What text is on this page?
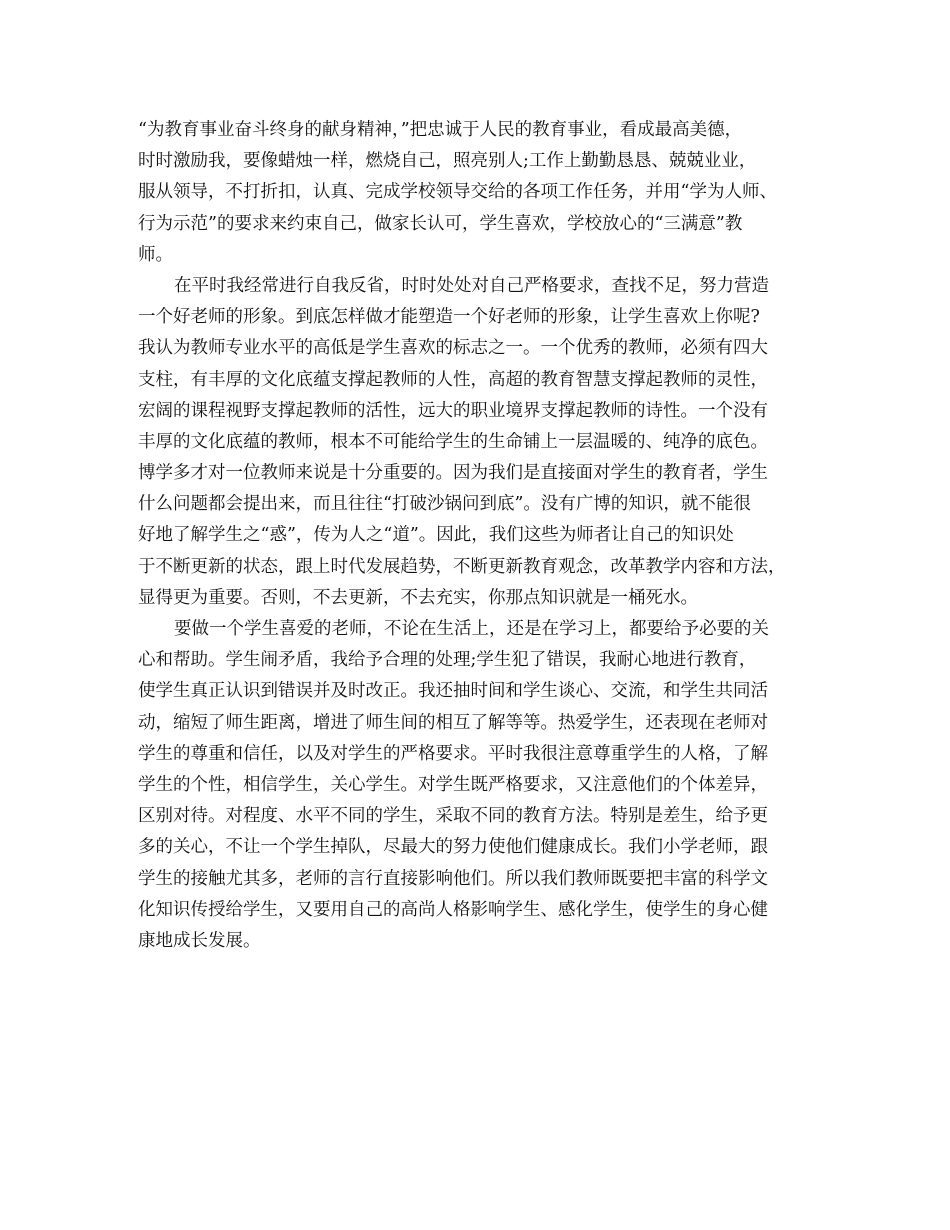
“为教育事业奋斗终身的献身精神，”把忠诚于人民的教育事业，看成最高美德，
时时激励我，要像蜡烛一样，燃烧自己，照亮别人;工作上勤勤恳恳、兢兢业业，
服从领导，不打折扣，认真、完成学校领导交给的各项工作任务，并用“学为人师、
行为示范”的要求来约束自己，做家长认可，学生喜欢，学校放心的“三满意”教
师。
在平时我经常进行自我反省，时时处处对自己严格要求，查找不足，努力营造
一个好老师的形象。到底怎样做才能塑造一个好老师的形象，让学生喜欢上你呢?
我认为教师专业水平的高低是学生喜欢的标志之一。一个优秀的教师，必须有四大
支柱，有丰厚的文化底蕴支撑起教师的人性，高超的教育智慧支撑起教师的灵性，
宏阔的课程视野支撑起教师的活性，远大的职业境界支撑起教师的诗性。一个没有
丰厚的文化底蕴的教师，根本不可能给学生的生命铺上一层温暖的、纯净的底色。
博学多才对一位教师来说是十分重要的。因为我们是直接面对学生的教育者，学生
什么问题都会提出来，而且往往“打破沙锅问到底”。没有广博的知识，就不能很
好地了解学生之“惑”，传为人之“道”。因此，我们这些为师者让自己的知识处
于不断更新的状态，跟上时代发展趋势，不断更新教育观念，改革教学内容和方法，
显得更为重要。否则，不去更新，不去充实，你那点知识就是一桶死水。
要做一个学生喜爱的老师，不论在生活上，还是在学习上，都要给予必要的关
心和帮助。学生闹矛盾，我给予合理的处理;学生犯了错误，我耐心地进行教育，
使学生真正认识到错误并及时改正。我还抽时间和学生谈心、交流，和学生共同活
动，缩短了师生距离，增进了师生间的相互了解等等。热爱学生，还表现在老师对
学生的尊重和信任，以及对学生的严格要求。平时我很注意尊重学生的人格，了解
学生的个性，相信学生，关心学生。对学生既严格要求，又注意他们的个体差异，
区别对待。对程度、水平不同的学生，采取不同的教育方法。特别是差生，给予更
多的关心，不让一个学生掉队，尽最大的努力使他们健康成长。我们小学老师，跟
学生的接触尤其多，老师的言行直接影响他们。所以我们教师既要把丰富的科学文
化知识传授给学生，又要用自己的高尚人格影响学生、感化学生，使学生的身心健
康地成长发展。
